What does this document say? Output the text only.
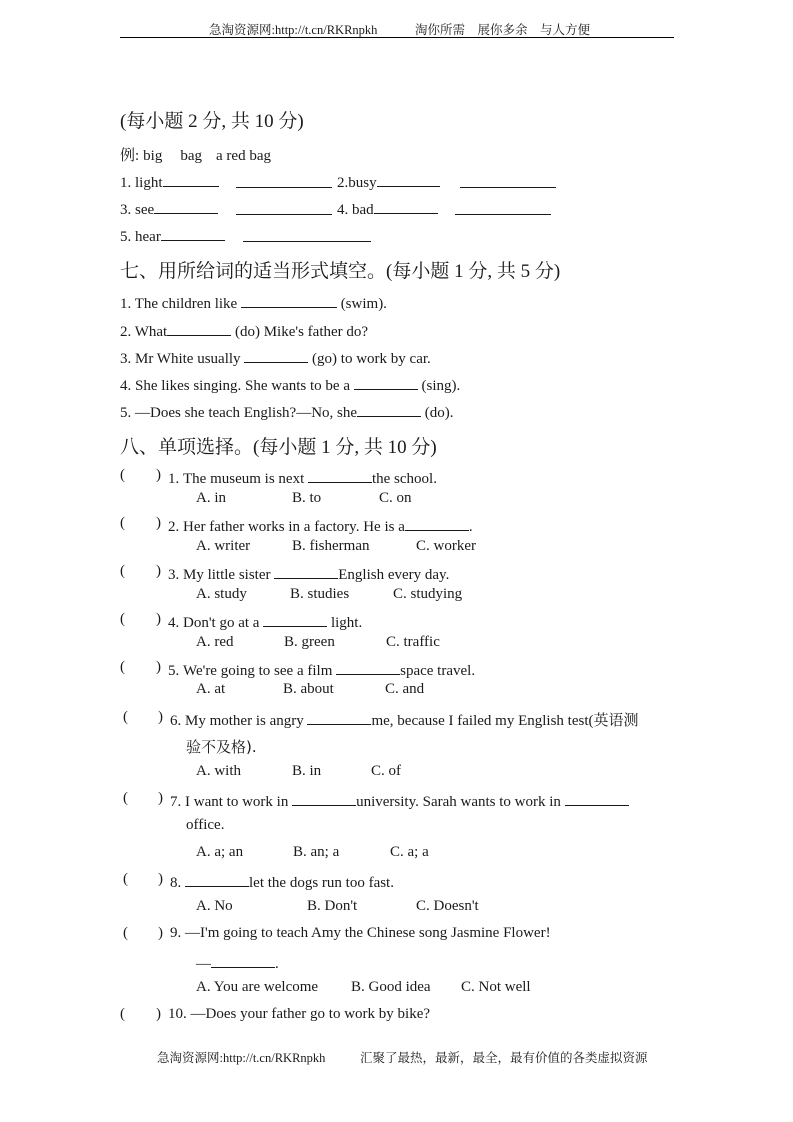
急淘资源网:http://t.cn/RKRnpkh	淘你所需　展你多余　与人方便
(每小题 2 分, 共 10 分)
例: big bag a red bag
1. light	2.busy
3. see	4. bad
5. hear
七、用所给词的适当形式填空。(每小题 1 分, 共 5 分)
1. The children like	(swim).
2. What	(do) Mike's father do?
3. Mr White usually	(go) to work by car.
4. She likes singing. She wants to be a	(sing).
5. —Does she teach English?—No, she	(do).
八、单项选择。(每小题 1 分, 共 10 分)
( ) 1. The museum is next	the school.
A. in	B. to	C. on
( ) 2. Her father works in a factory. He is a	.
A. writer	B. fisherman	C. worker
( ) 3. My little sister	English every day.
A. study	B. studies	C. studying
( ) 4. Don't go at a	light.
A. red	B. green	C. traffic
( ) 5. We're going to see a film	space travel.
A. at	B. about	C. and
( ) 6. My mother is angry	me, because I failed my English test(英语测
验不及格).
A. with	B. in	C. of
( ) 7. I want to work in	university. Sarah wants to work in
office.
A. a; an	B. an; a	C. a; a
( ) 8.	let the dogs run too fast.
A. No	B. Don't	C. Doesn't
( ) 9. —I'm going to teach Amy the Chinese song Jasmine Flower!
—	.
A. You are welcome B. Good idea C. Not well
( ) 10. —Does your father go to work by bike?
急淘资源网:http://t.cn/RKRnpkh	汇聚了最热，最新，最全，最有价值的各类虚拟资源
